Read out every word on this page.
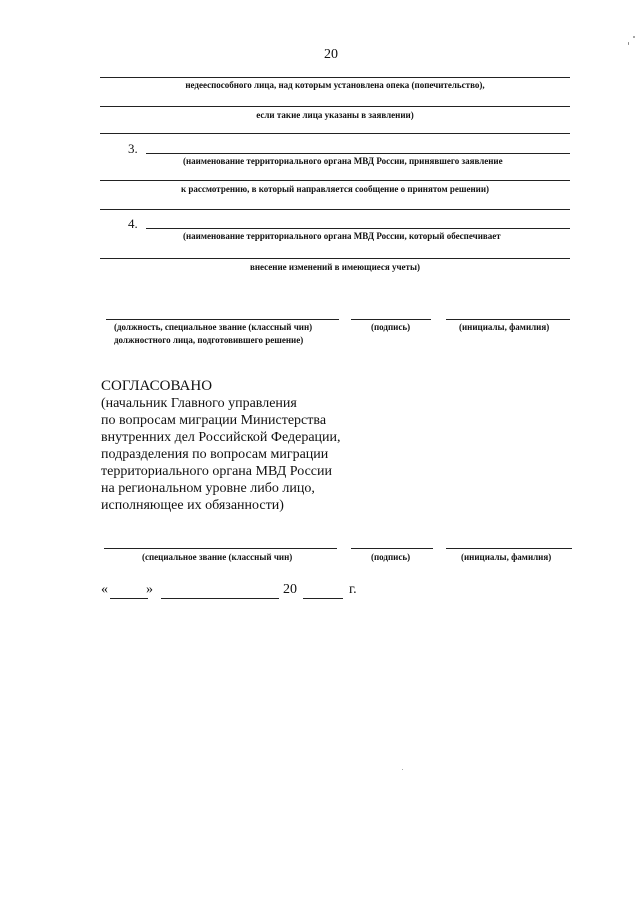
20
недееспособного лица, над которым установлена опека (попечительство),
если такие лица указаны в заявлении)
3.
(наименование территориального органа МВД России, принявшего заявление
к рассмотрению, в который направляется сообщение о принятом решении)
4.
(наименование территориального органа МВД России, который обеспечивает
внесение изменений в имеющиеся учеты)
(должность, специальное звание (классный чин)
должностного лица, подготовившего решение)
(подпись)	(инициалы, фамилия)
СОГЛАСОВАНО
(начальник Главного управления
по вопросам миграции Министерства
внутренних дел Российской Федерации,
подразделения по вопросам миграции
территориального органа МВД России
на региональном уровне либо лицо,
исполняющее их обязанности)
(специальное звание (классный чин)	(подпись)	(инициалы, фамилия)
«	»	20	г.
